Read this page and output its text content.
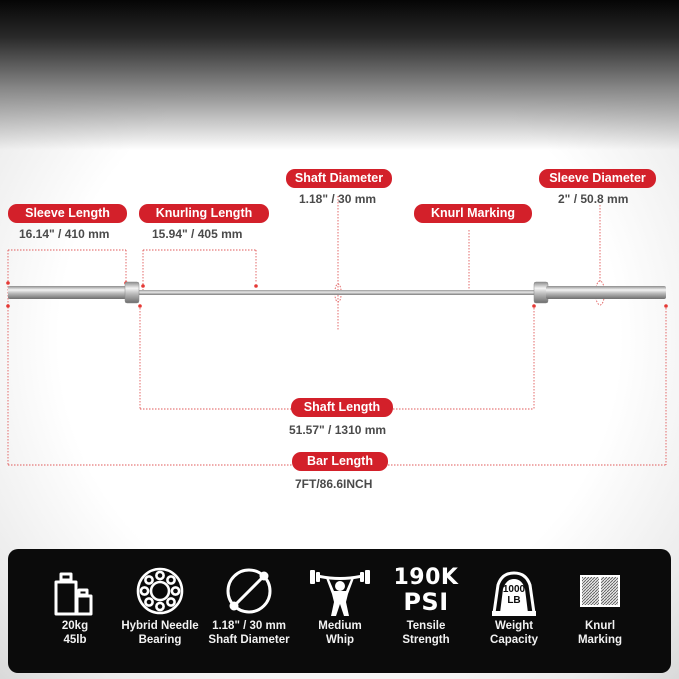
Sleeve Length
16.14" / 410 mm
Knurling Length
15.94" / 405 mm
Shaft Diameter
1.18" / 30 mm
Knurl Marking
Sleeve Diameter
2" / 50.8 mm
Shaft Length
51.57" / 1310 mm
Bar Length
7FT/86.6INCH
20kg
45lb
Hybrid Needle
Bearing
1.18" / 30 mm
Shaft Diameter
Medium
Whip
190K
PSI
Tensile
Strength
1000
LB
Weight
Capacity
Knurl
Marking
